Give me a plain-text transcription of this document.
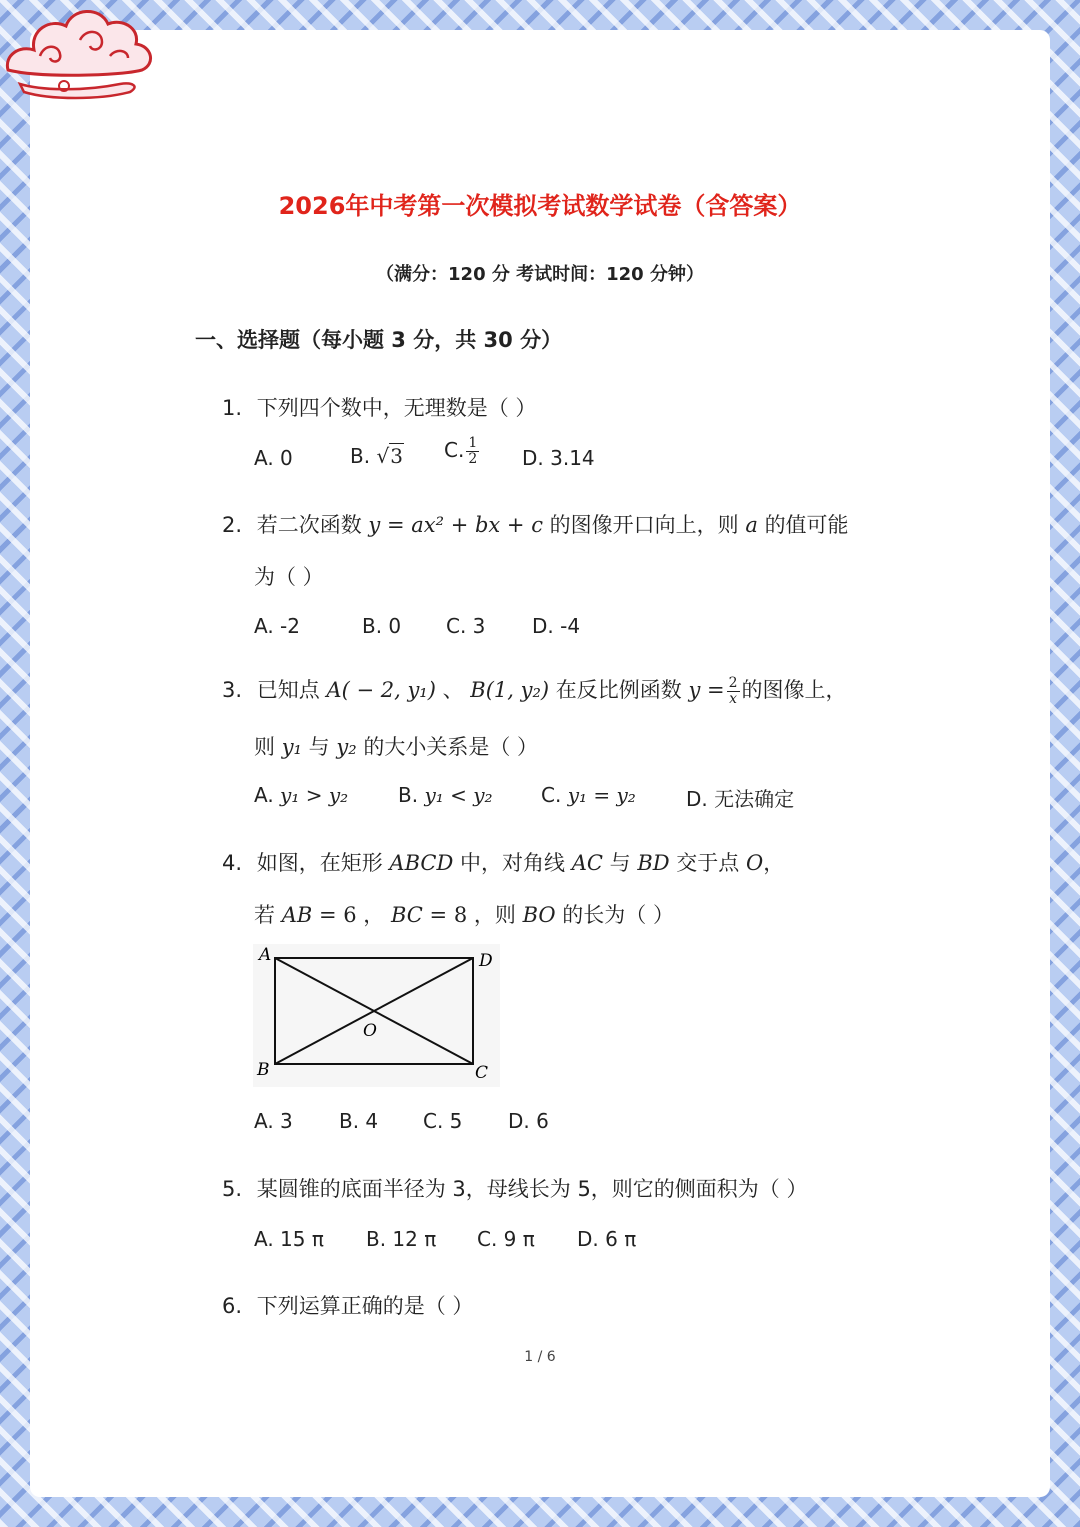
2026年中考第一次模拟考试数学试卷（含答案）
（满分：120 分 考试时间：120 分钟）
一、选择题（每小题 3 分，共 30 分）
1. 下列四个数中，无理数是（ ）
A. 0	B. √3 C. $\frac{1}{2} D$. 3.14
2. 若二次函数 y = ax² + bx + c 的图像开口向上，则 a 的值可能
为（ ）
A. -2	B. 0 C. 3 D. -4
3. 已知点 A( − 2, y₁) 、 B(1, y₂) 在反比例函数 $y = \frac{2}{x}$ 的图像上，
则 y₁ 与 y₂ 的大小关系是（ ）
A. y₁ > y₂ B. y₁ < y₂ C. y₁ = y₂	D. 无法确定
4. 如图，在矩形 ABCD 中，对角线 AC 与 BD 交于点 O，
若 AB = 6 ， BC = 8 ，则 BO 的长为（ ）
A	D
B	C
O
A. 3 B. 4 C. 5 D. 6
5. 某圆锥的底面半径为 3，母线长为 5，则它的侧面积为（ ）
A. 15 π B. 12 π C. 9 π D. 6 π
6. 下列运算正确的是（ ）
1 / 6
